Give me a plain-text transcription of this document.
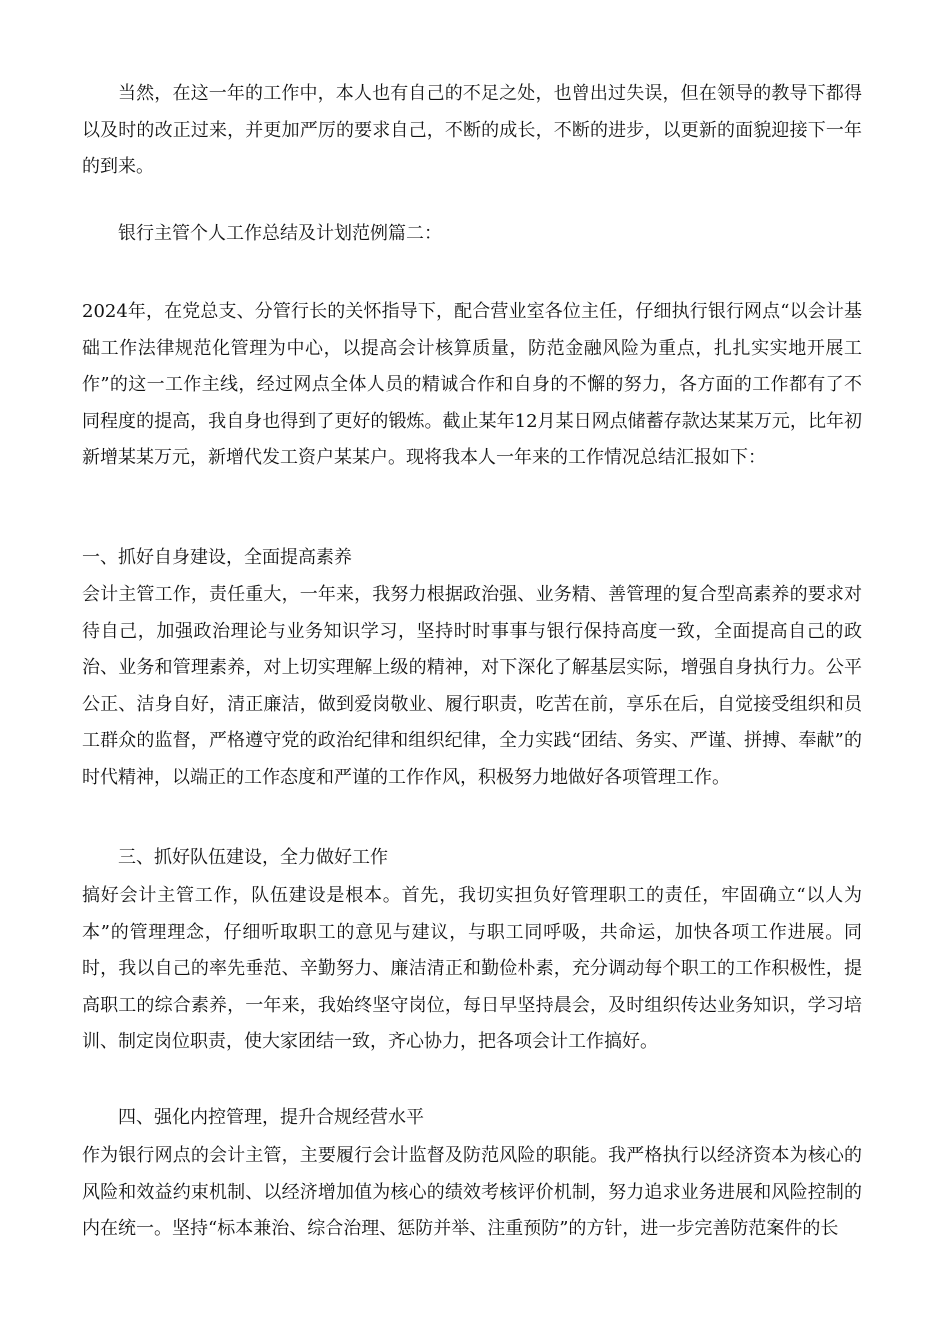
当然，在这一年的工作中，本人也有自己的不足之处，也曾出过失误，但在领导的教导下都得以及时的改正过来，并更加严厉的要求自己，不断的成长，不断的进步，以更新的面貌迎接下一年的到来。

银行主管个人工作总结及计划范例篇二：

2024年，在党总支、分管行长的关怀指导下，配合营业室各位主任，仔细执行银行网点“以会计基础工作法律规范化管理为中心，以提高会计核算质量，防范金融风险为重点，扎扎实实地开展工作”的这一工作主线，经过网点全体人员的精诚合作和自身的不懈的努力，各方面的工作都有了不同程度的提高，我自身也得到了更好的锻炼。截止某年12月某日网点储蓄存款达某某万元，比年初新增某某万元，新增代发工资户某某户。现将我本人一年来的工作情况总结汇报如下：

一、抓好自身建设，全面提高素养

会计主管工作，责任重大，一年来，我努力根据政治强、业务精、善管理的复合型高素养的要求对待自己，加强政治理论与业务知识学习，坚持时时事事与银行保持高度一致，全面提高自己的政治、业务和管理素养，对上切实理解上级的精神，对下深化了解基层实际，增强自身执行力。公平公正、洁身自好，清正廉洁，做到爱岗敬业、履行职责，吃苦在前，享乐在后，自觉接受组织和员工群众的监督，严格遵守党的政治纪律和组织纪律，全力实践“团结、务实、严谨、拼搏、奉献”的时代精神，以端正的工作态度和严谨的工作作风，积极努力地做好各项管理工作。

三、抓好队伍建设，全力做好工作

搞好会计主管工作，队伍建设是根本。首先，我切实担负好管理职工的责任，牢固确立“以人为本”的管理理念，仔细听取职工的意见与建议，与职工同呼吸，共命运，加快各项工作进展。同时，我以自己的率先垂范、辛勤努力、廉洁清正和勤俭朴素，充分调动每个职工的工作积极性，提高职工的综合素养，一年来，我始终坚守岗位，每日早坚持晨会，及时组织传达业务知识，学习培训、制定岗位职责，使大家团结一致，齐心协力，把各项会计工作搞好。

四、强化内控管理，提升合规经营水平

作为银行网点的会计主管，主要履行会计监督及防范风险的职能。我严格执行以经济资本为核心的风险和效益约束机制、以经济增加值为核心的绩效考核评价机制，努力追求业务进展和风险控制的内在统一。坚持“标本兼治、综合治理、惩防并举、注重预防”的方针，进一步完善防范案件的长
